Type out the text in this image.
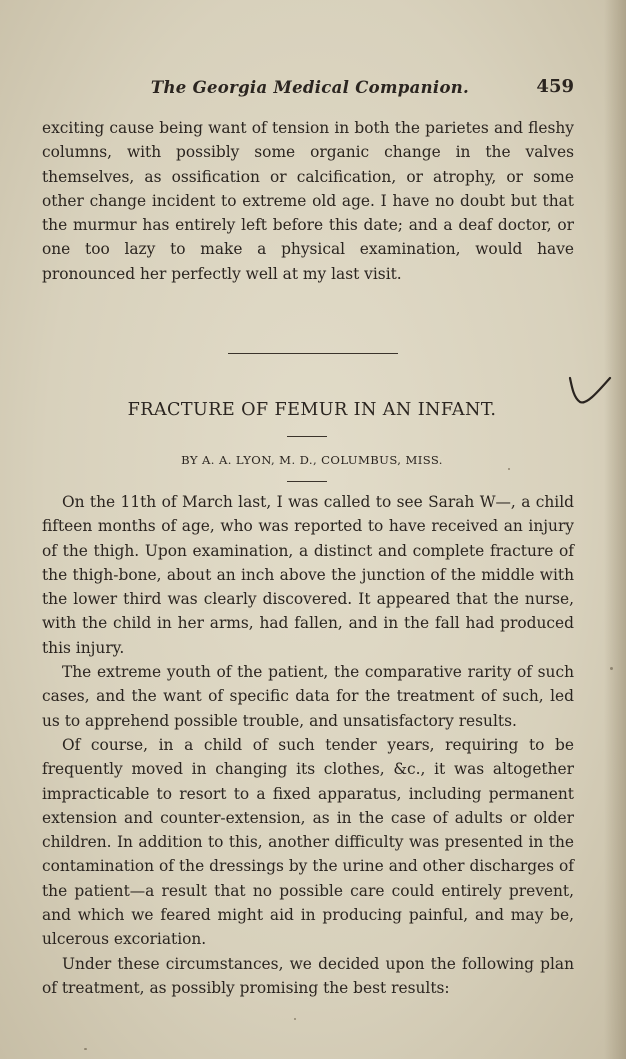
The Georgia Medical Companion.	459

exciting cause being want of tension in both the parietes and fleshy columns, with possibly some organic change in the valves themselves, as ossification or calcification, or atrophy, or some other change incident to extreme old age. I have no doubt but that the murmur has entirely left before this date; and a deaf doctor, or one too lazy to make a physical examination, would have pronounced her perfectly well at my last visit.

FRACTURE OF FEMUR IN AN INFANT.
BY A. A. LYON, M. D., COLUMBUS, MISS.

On the 11th of March last, I was called to see Sarah W—, a child fifteen months of age, who was reported to have received an injury of the thigh. Upon examination, a distinct and complete fracture of the thigh-bone, about an inch above the junction of the middle with the lower third was clearly discovered. It appeared that the nurse, with the child in her arms, had fallen, and in the fall had produced this injury.

The extreme youth of the patient, the comparative rarity of such cases, and the want of specific data for the treatment of such, led us to apprehend possible trouble, and unsatisfactory results.

Of course, in a child of such tender years, requiring to be frequently moved in changing its clothes, &c., it was altogether impracticable to resort to a fixed apparatus, including permanent extension and counter-extension, as in the case of adults or older children. In addition to this, another difficulty was presented in the contamination of the dressings by the urine and other discharges of the patient—a result that no possible care could entirely prevent, and which we feared might aid in producing painful, and may be, ulcerous excoriation.

Under these circumstances, we decided upon the following plan of treatment, as possibly promising the best results:
